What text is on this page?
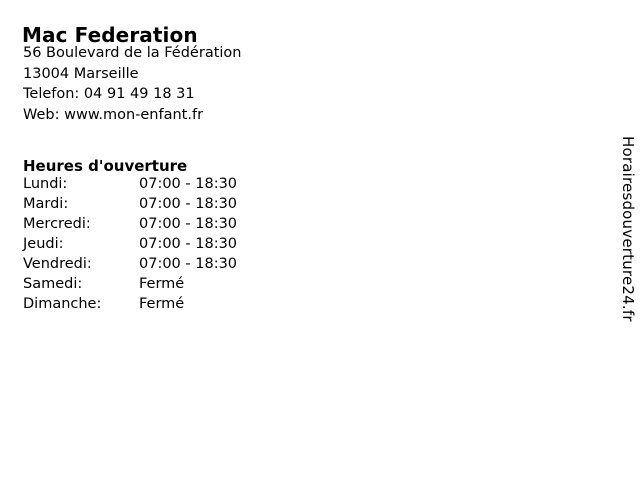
Mac Federation
56 Boulevard de la Fédération
13004 Marseille
Telefon: 04 91 49 18 31
Web: www.mon-enfant.fr
Heures d'ouverture
Lundi:	07:00 - 18:30
Mardi:	07:00 - 18:30
Mercredi:	07:00 - 18:30
Jeudi:	07:00 - 18:30
Vendredi:	07:00 - 18:30
Samedi:	Fermé
Dimanche:	Fermé	Horairesdouverture24.fr
